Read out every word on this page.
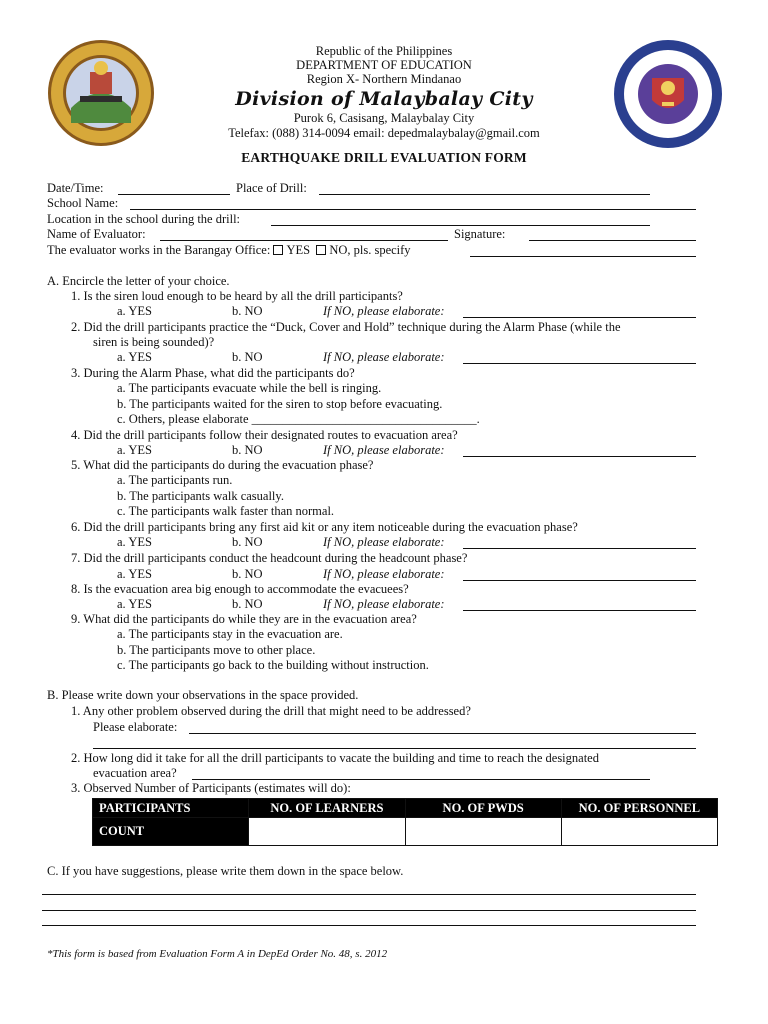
Republic of the Philippines
DEPARTMENT OF EDUCATION
Region X- Northern Mindanao
Division of Malaybalay City
Purok 6, Casisang, Malaybalay City
Telefax: (088) 314-0094 email: depedmalaybalay@gmail.com
EARTHQUAKE DRILL EVALUATION FORM
Date/Time:	Place of Drill:
School Name:
Location in the school during the drill:
Name of Evaluator:	Signature:
The evaluator works in the Barangay Office: YES NO, pls. specify
A. Encircle the letter of your choice.
1. Is the siren loud enough to be heard by all the drill participants?
a. YES	b. NO	If NO, please elaborate:
2. Did the drill participants practice the “Duck, Cover and Hold” technique during the Alarm Phase (while the
siren is being sounded)?
a. YES	b. NO	If NO, please elaborate:
3. During the Alarm Phase, what did the participants do?
a. The participants evacuate while the bell is ringing.
b. The participants waited for the siren to stop before evacuating.
c. Others, please elaborate ____________________________________.
4. Did the drill participants follow their designated routes to evacuation area?
a. YES	b. NO	If NO, please elaborate:
5. What did the participants do during the evacuation phase?
a. The participants run.
b. The participants walk casually.
c. The participants walk faster than normal.
6. Did the drill participants bring any first aid kit or any item noticeable during the evacuation phase?
a. YES	b. NO	If NO, please elaborate:
7. Did the drill participants conduct the headcount during the headcount phase?
a. YES	b. NO	If NO, please elaborate:
8. Is the evacuation area big enough to accommodate the evacuees?
a. YES	b. NO	If NO, please elaborate:
9. What did the participants do while they are in the evacuation area?
a. The participants stay in the evacuation are.
b. The participants move to other place.
c. The participants go back to the building without instruction.
B. Please write down your observations in the space provided.
1. Any other problem observed during the drill that might need to be addressed?
Please elaborate:
2. How long did it take for all the drill participants to vacate the building and time to reach the designated
evacuation area?
3. Observed Number of Participants (estimates will do):
PARTICIPANTS	NO. OF LEARNERS	NO. OF PWDS	NO. OF PERSONNEL
COUNT			
C. If you have suggestions, please write them down in the space below.
*This form is based from Evaluation Form A in DepEd Order No. 48, s. 2012
